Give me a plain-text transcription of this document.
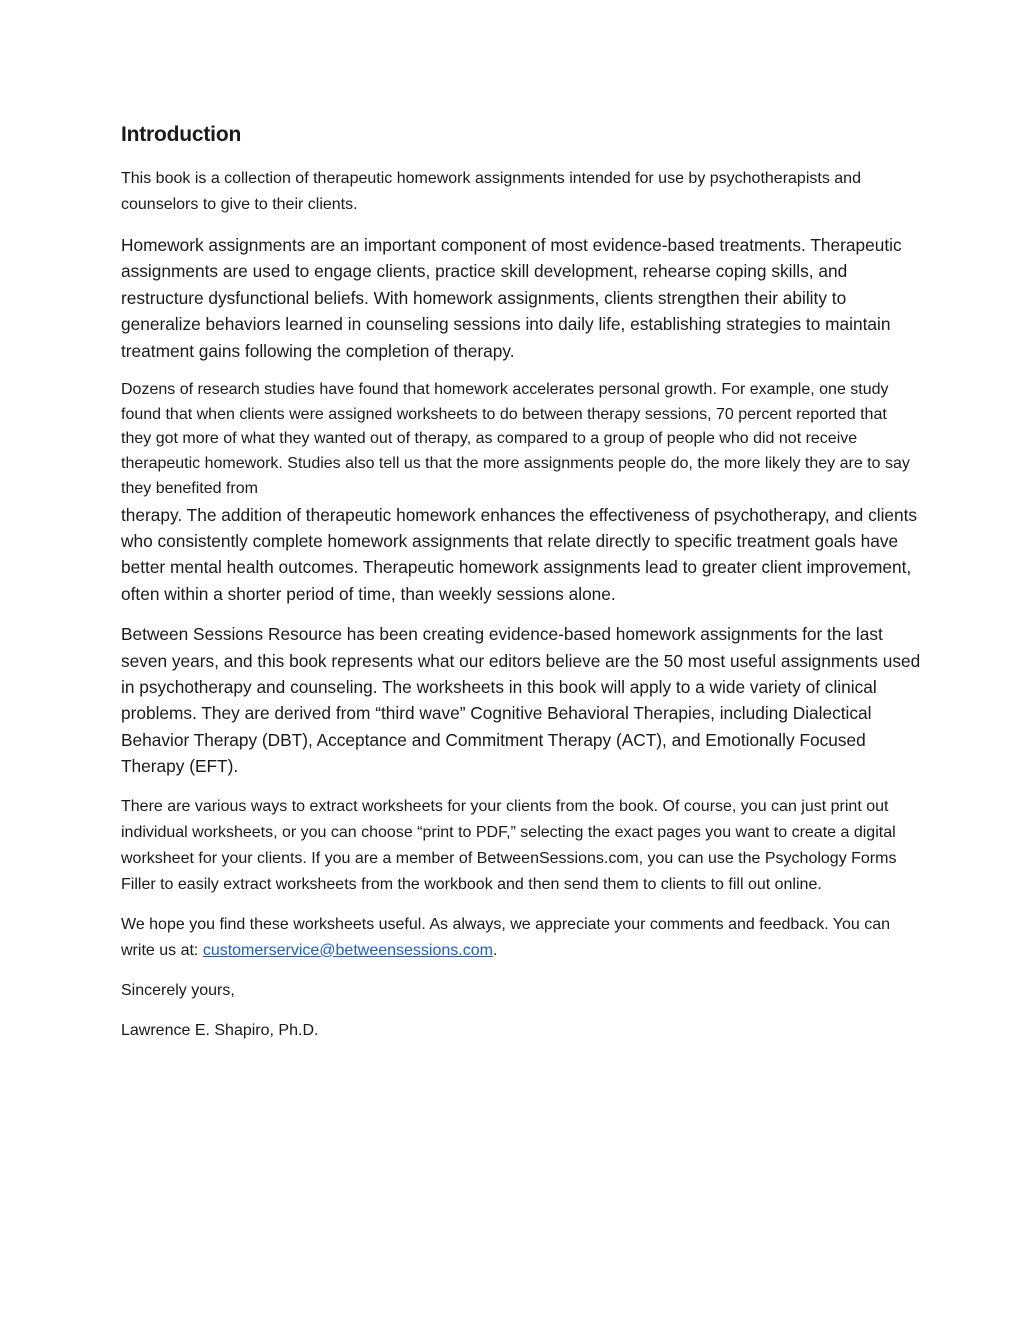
Introduction

This book is a collection of therapeutic homework assignments intended for use by psychotherapists and counselors to give to their clients.

Homework assignments are an important component of most evidence-based treatments. Therapeutic assignments are used to engage clients, practice skill development, rehearse coping skills, and restructure dysfunctional beliefs. With homework assignments, clients strengthen their ability to generalize behaviors learned in counseling sessions into daily life, establishing strategies to maintain treatment gains following the completion of therapy.

Dozens of research studies have found that homework accelerates personal growth. For example, one study found that when clients were assigned worksheets to do between therapy sessions, 70 percent reported that they got more of what they wanted out of therapy, as compared to a group of people who did not receive therapeutic homework. Studies also tell us that the more assignments people do, the more likely they are to say they benefited from
therapy. The addition of therapeutic homework enhances the effectiveness of psychotherapy, and clients who consistently complete homework assignments that relate directly to specific treatment goals have better mental health outcomes. Therapeutic homework assignments lead to greater client improvement, often within a shorter period of time, than weekly sessions alone.

Between Sessions Resource has been creating evidence-based homework assignments for the last seven years, and this book represents what our editors believe are the 50 most useful assignments used in psychotherapy and counseling. The worksheets in this book will apply to a wide variety of clinical problems. They are derived from “third wave” Cognitive Behavioral Therapies, including Dialectical Behavior Therapy (DBT), Acceptance and Commitment Therapy (ACT), and Emotionally Focused Therapy (EFT).

There are various ways to extract worksheets for your clients from the book. Of course, you can just print out individual worksheets, or you can choose “print to PDF,” selecting the exact pages you want to create a digital worksheet for your clients. If you are a member of BetweenSessions.com, you can use the Psychology Forms Filler to easily extract worksheets from the workbook and then send them to clients to fill out online.

We hope you find these worksheets useful. As always, we appreciate your comments and feedback. You can write us at: customerservice@betweensessions.com.

Sincerely yours,

Lawrence E. Shapiro, Ph.D.
